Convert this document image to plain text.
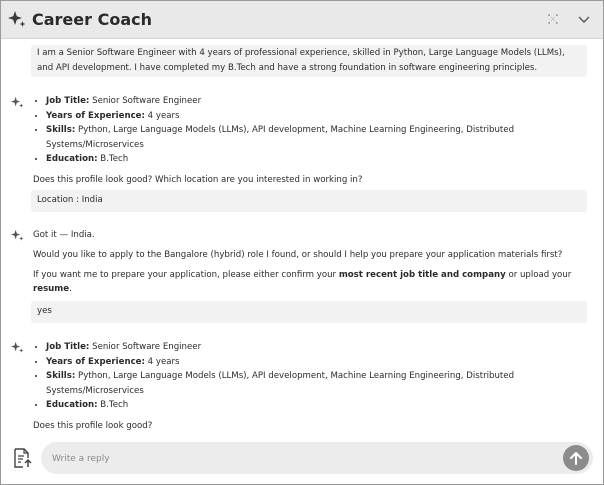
Career Coach
I am a Senior Software Engineer with 4 years of professional experience, skilled in Python, Large Language Models (LLMs), and API development. I have completed my B.Tech and have a strong foundation in software engineering principles.
• Job Title: Senior Software Engineer
• Years of Experience: 4 years
• Skills: Python, Large Language Models (LLMs), API development, Machine Learning Engineering, Distributed Systems/Microservices
• Education: B.Tech

Does this profile look good? Which location are you interested in working in?

Location : India

Got it — India.

Would you like to apply to the Bangalore (hybrid) role I found, or should I help you prepare your application materials first?

If you want me to prepare your application, please either confirm your most recent job title and company or upload your resume.

yes
• Job Title: Senior Software Engineer
• Years of Experience: 4 years
• Skills: Python, Large Language Models (LLMs), API development, Machine Learning Engineering, Distributed Systems/Microservices
• Education: B.Tech

Does this profile look good?

Write a reply
